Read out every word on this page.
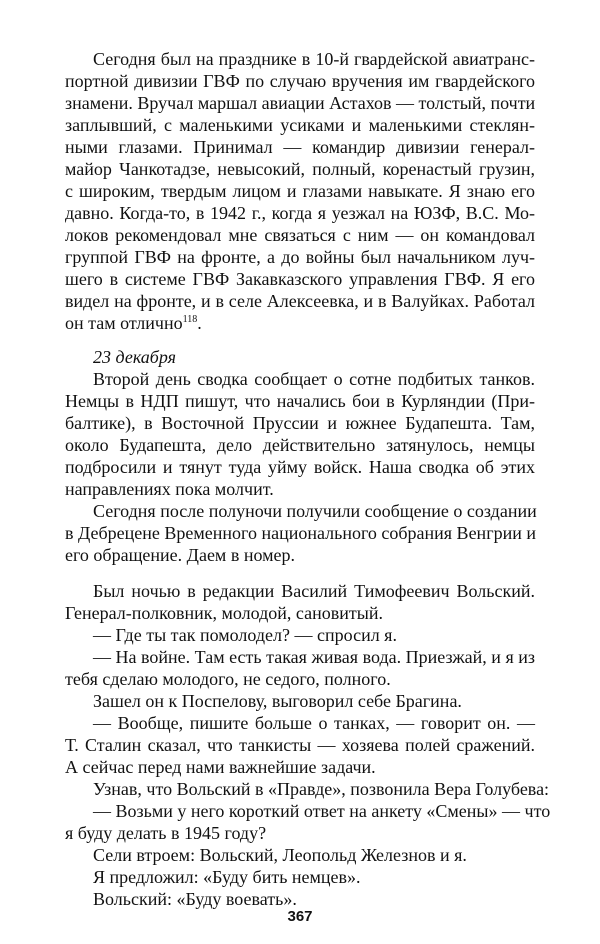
Сегодня был на празднике в 10-й гвардейской авиатранс-
портной дивизии ГВФ по случаю вручения им гвардейского
знамени. Вручал маршал авиации Астахов — толстый, почти
заплывший, с маленькими усиками и маленькими стеклян-
ными глазами. Принимал — командир дивизии генерал-
майор Чанкотадзе, невысокий, полный, коренастый грузин,
с широким, твердым лицом и глазами навыкате. Я знаю его
давно. Когда-то, в 1942 г., когда я уезжал на ЮЗФ, В.С. Мо-
локов рекомендовал мне связаться с ним — он командовал
группой ГВФ на фронте, а до войны был начальником луч-
шего в системе ГВФ Закавказского управления ГВФ. Я его
видел на фронте, и в селе Алексеевка, и в Валуйках. Работал
он там отлично$^{118}$.
23 декабря
Второй день сводка сообщает о сотне подбитых танков.
Немцы в НДП пишут, что начались бои в Курляндии (При-
балтике), в Восточной Пруссии и южнее Будапешта. Там,
около Будапешта, дело действительно затянулось, немцы
подбросили и тянут туда уйму войск. Наша сводка об этих
направлениях пока молчит.
Сегодня после полуночи получили сообщение о создании
в Дебрецене Временного национального собрания Венгрии и
его обращение. Даем в номер.
Был ночью в редакции Василий Тимофеевич Вольский.
Генерал-полковник, молодой, сановитый.
— Где ты так помолодел? — спросил я.
— На войне. Там есть такая живая вода. Приезжай, и я из
тебя сделаю молодого, не седого, полного.
Зашел он к Поспелову, выговорил себе Брагина.
— Вообще, пишите больше о танках, — говорит он. —
Т. Сталин сказал, что танкисты — хозяева полей сражений.
А сейчас перед нами важнейшие задачи.
Узнав, что Вольский в «Правде», позвонила Вера Голубева:
— Возьми у него короткий ответ на анкету «Смены» — что
я буду делать в 1945 году?
Сели втроем: Вольский, Леопольд Железнов и я.
Я предложил: «Буду бить немцев».
Вольский: «Буду воевать».
367
